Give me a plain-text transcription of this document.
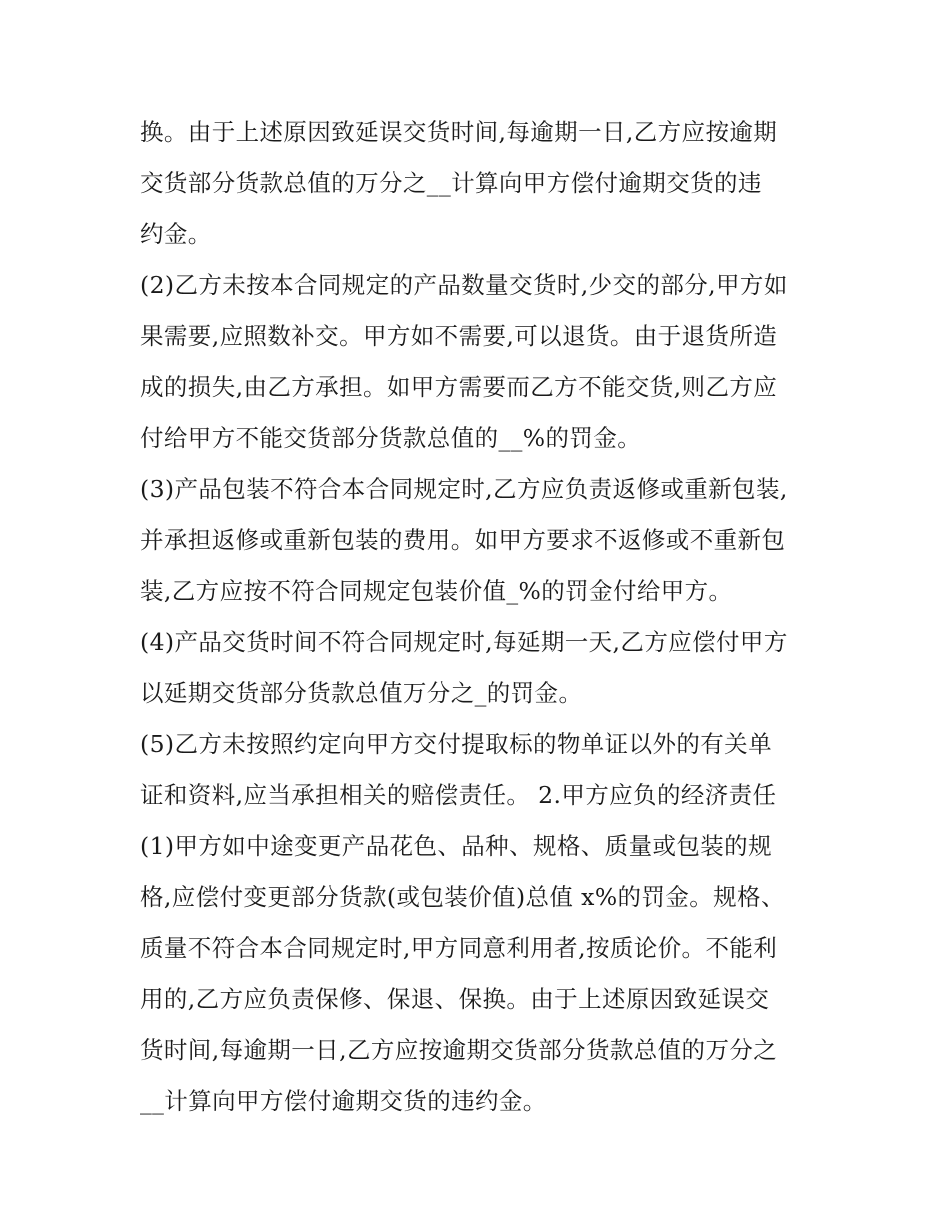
换。由于上述原因致延误交货时间,每逾期一日,乙方应按逾期
交货部分货款总值的万分之__计算向甲方偿付逾期交货的违
约金。
(2)乙方未按本合同规定的产品数量交货时,少交的部分,甲方如
果需要,应照数补交。甲方如不需要,可以退货。由于退货所造
成的损失,由乙方承担。如甲方需要而乙方不能交货,则乙方应
付给甲方不能交货部分货款总值的__%的罚金。
(3)产品包装不符合本合同规定时,乙方应负责返修或重新包装,
并承担返修或重新包装的费用。如甲方要求不返修或不重新包
装,乙方应按不符合同规定包装价值_%的罚金付给甲方。
(4)产品交货时间不符合同规定时,每延期一天,乙方应偿付甲方
以延期交货部分货款总值万分之_的罚金。
(5)乙方未按照约定向甲方交付提取标的物单证以外的有关单
证和资料,应当承担相关的赔偿责任。 2.甲方应负的经济责任
(1)甲方如中途变更产品花色、品种、规格、质量或包装的规
格,应偿付变更部分货款(或包装价值)总值 x%的罚金。规格、
质量不符合本合同规定时,甲方同意利用者,按质论价。不能利
用的,乙方应负责保修、保退、保换。由于上述原因致延误交
货时间,每逾期一日,乙方应按逾期交货部分货款总值的万分之
__计算向甲方偿付逾期交货的违约金。
